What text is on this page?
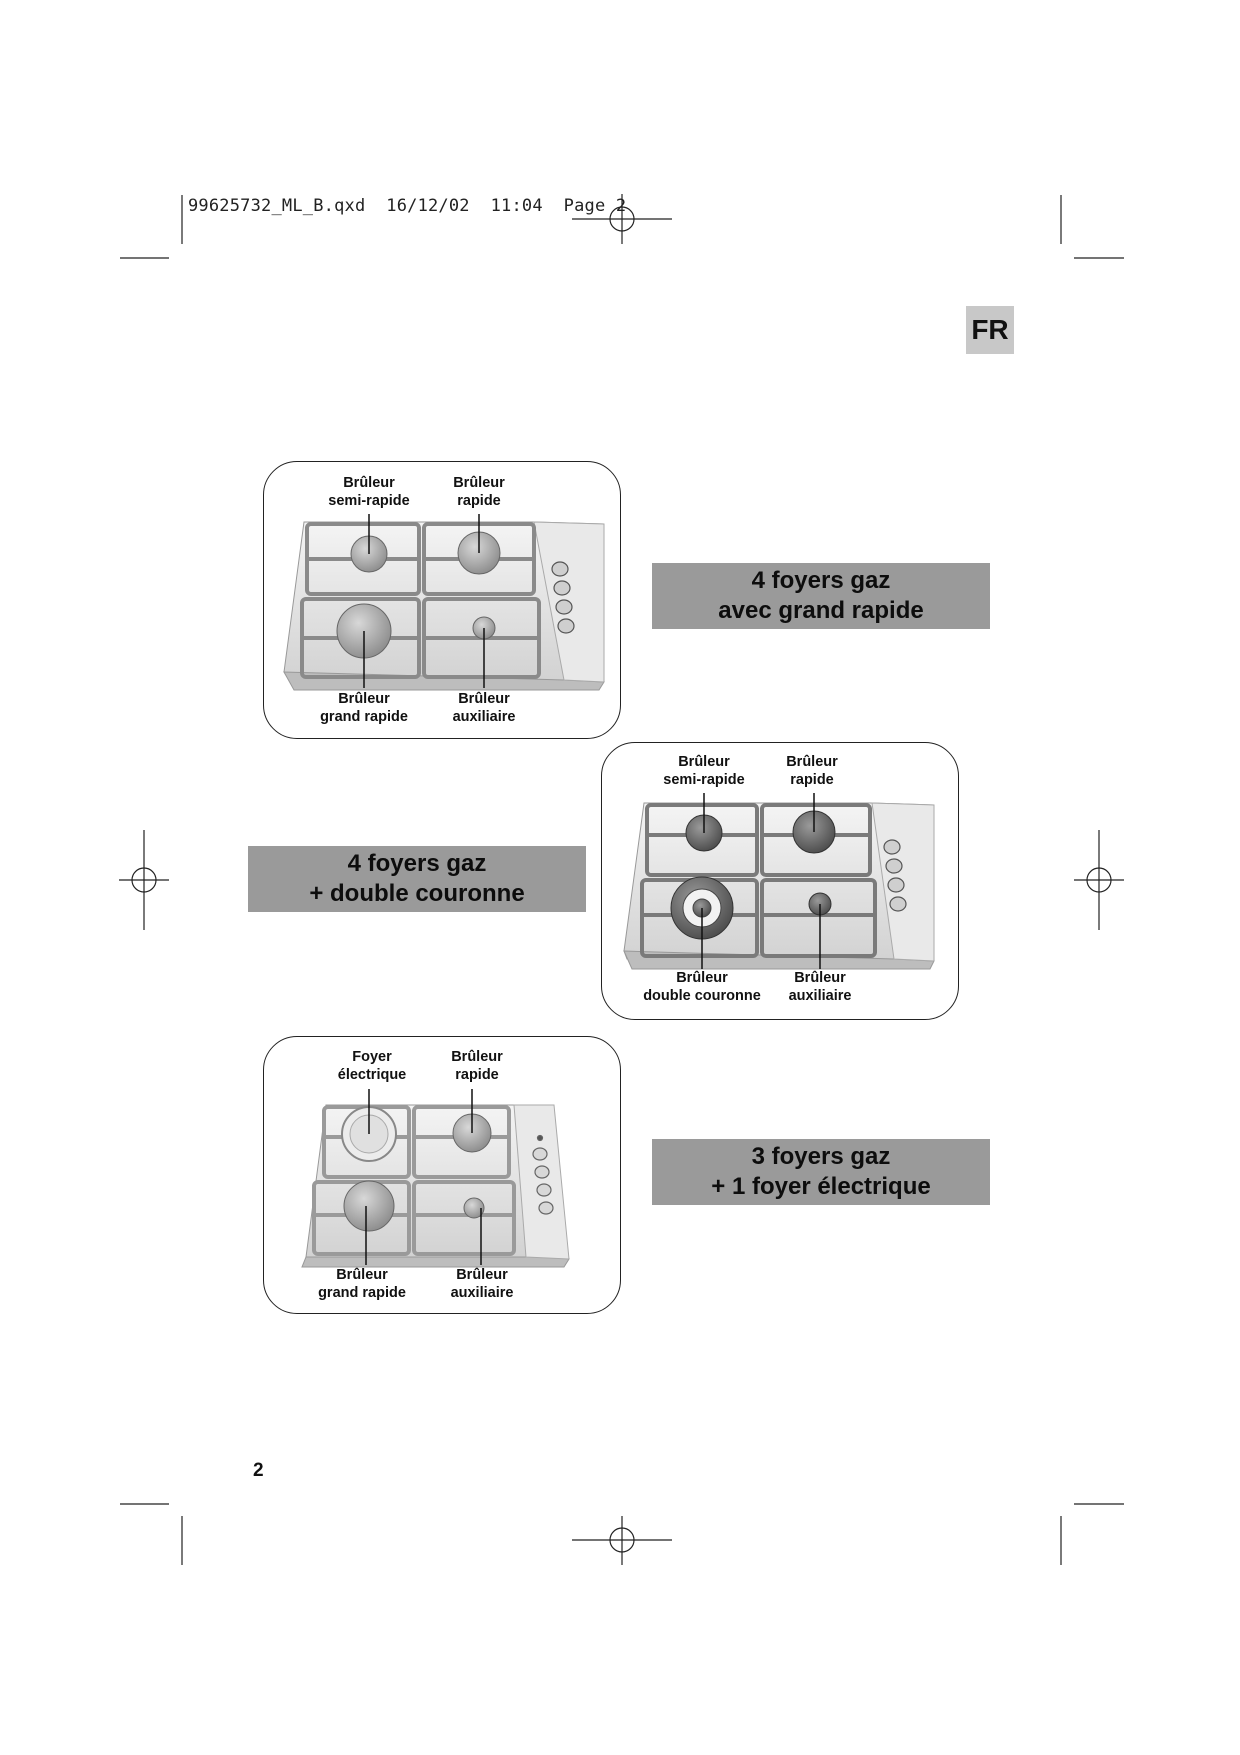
99625732_ML_B.qxd  16/12/02  11:04  Page 2
FR
Brûleur
semi-rapide
Brûleur
rapide
Brûleur
grand rapide
Brûleur
auxiliaire
4 foyers gaz
avec grand rapide
Brûleur
semi-rapide
Brûleur
rapide
Brûleur
double couronne
Brûleur
auxiliaire
4 foyers gaz
+ double couronne
Foyer
électrique
Brûleur
rapide
Brûleur
grand rapide
Brûleur
auxiliaire
3 foyers gaz
+ 1 foyer électrique
2
